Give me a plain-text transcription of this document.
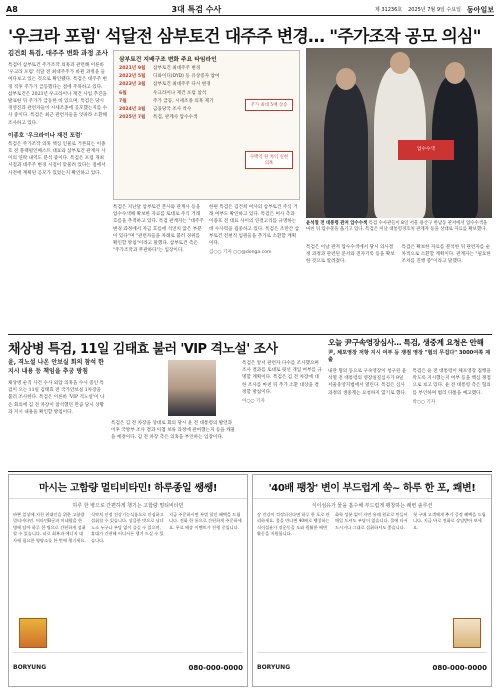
A8	3대 특검 수사	제 31236호 2025년 7월 9일 수요일 동아일보
'우크라 포럼' 석달전 삼부토건 대주주 변경… "주가조작 공모 의심"
김건희 특검, 대주주 변화 과정 조사
특검이 삼부토건 주가조작 의혹과 관련해 이른바 '우크라 포럼' 석달 전 최대주주가 바뀐 과정을 들여다보고 있는 것으로 확인됐다. 특검은 대주주 변경 직후 주가가 급등했다는 점에 주목하고 있다. 삼부토건은 2023년 우크라이나 재건 사업 추진을 발표한 뒤 주가가 급등한 바 있으며, 특검은 당시 경영진과 관련자들이 시세조종에 공모했는지를 수사 중이다. 특검은 최근 관련자들을 잇따라 소환해 조사하고 있다.
이종호 '우크라이나 재건 포럼'
특검은 주가조작 의혹 핵심 인물로 거론되는 이종호 전 블랙펄인베스트 대표와 삼부토건 관계자 사이의 연락 내역도 분석 중이다. 특검은 포럼 개최 시점과 대주주 변경 시점이 맞물려 있다는 점에서 사전에 계획된 공모가 있었는지 확인하고 있다.
삼부토건 지배구조 변화 주요 타임라인
2021년 9월	삼부토건 최대주주 변경
2022년 5월	디와이디(DYD) 등 유상증자 참여
2023년 3월	삼부토건 최대주주 다시 변경
6월	우크라이나 재건 포럼 참석
7월	주가 급등, 시세조종 의혹 제기
2024년 3월	금융당국 조사 착수
2025년 7월	특검, 관계사 압수수색
주가 최대 5배 상승
수백억 원 차익 실현 의혹
특검은 지난달 삼부토건 본사와 관계사 등을 압수수색해 확보한 자료를 토대로 주식 거래 흐름을 추적하고 있다. 특검 관계자는 "대주주 변경 과정에서 자금 흐름에 석연치 않은 부분이 있다"며 "관련자들을 차례로 불러 경위를 확인할 방침"이라고 말했다. 삼부토건 측은 "주가조작과 무관하다"는 입장이다.
한편 특검은 김건희 여사의 삼부토건 주식 거래 여부도 확인하고 있다. 특검은 여사 측과 이종호 전 대표 사이의 연결고리를 규명하는 데 수사력을 집중하고 있다. 특검은 조만간 삼부토건 전현직 임원들을 추가로 소환할 계획이다.
김○○ 기자 ○○@donga.com
압수수색
윤석열 전 대통령 관저 압수수색 특검 수사관들이 8일 서울 용산구 한남동 관저에서 압수수색을 마친 뒤 압수물을 옮기고 있다. 특검은 이날 대통령경호처 관계자 등을 상대로 자료를 확보했다.
특검은 이날 관저 압수수색에서 당시 의사결정 과정과 관련된 문서와 전자기록 등을 확보한 것으로 알려졌다.
특검은 확보한 자료를 분석한 뒤 관련자를 순차적으로 소환할 계획이다. 관계자는 "필요한 조치를 진행 중"이라고 말했다.
채상병 특검, 11일 김태효 불러 'VIP 격노설' 조사
윤, 격노설 나온 안보실 회의 참석 한 지시 내용 등 책임을 추궁 방침
채상병 순직 사건 수사 외압 의혹을 수사 중인 특검이 오는 11일 김태효 전 국가안보실 1차장을 불러 조사한다. 특검은 이른바 'VIP 격노설'이 나온 회의에 김 전 차장이 참석했던 만큼 당시 상황과 지시 내용을 확인할 방침이다.
특검은 김 전 차장을 상대로 회의 당시 윤 전 대통령의 발언과 이후 국방부 조사 결과 이첩 보류 과정에 관여했는지 등을 캐물을 예정이다. 김 전 차장 측은 의혹을 부인하는 입장이다.
특검은 앞서 관련자 다수를 조사했으며 조사 결과를 토대로 윗선 개입 여부를 규명할 계획이다. 특검은 김 전 차장에 대한 조사를 마친 뒤 추가 소환 대상을 결정할 방침이다.
이○○ 기자
오늘 尹구속영장심사… 특검, 생중계 요청은 안해
尹, 체포영장 저항 지시 여부 등 쟁점 영장 "혐의 무겁다" 3000여쪽 제출
내란 혐의 등으로 구속영장이 청구된 윤석열 전 대통령의 영장실질심사가 9일 서울중앙지법에서 열린다. 특검은 심사 과정의 생중계는 요청하지 않기로 했다.
특검은 윤 전 대통령이 체포영장 집행을 막도록 지시했는지 여부 등을 핵심 쟁점으로 보고 있다. 윤 전 대통령 측은 혐의를 부인하며 법리 다툼을 예고했다.
박○○ 기자
마시는 고함량 멀티비타민! 하루종일 쌩쌩!
하루 한 병으로 간편하게 챙기는 고함량 멀티비타민
바쁜 일상에 지친 현대인을 위한 고함량 멀티비타민. 비타민B군과 미네랄을 한 병에 담아 하루 한 병으로 간편하게 섭취할 수 있습니다. 피로 회복과 에너지 대사에 필요한 영양소를 한 번에 챙기세요.
식약처 인정 건강기능식품으로 안심하고 섭취할 수 있습니다. 상큼한 맛으로 남녀노소 누구나 부담 없이 즐길 수 있으며, 휴대가 간편해 어디서든 챙겨 드실 수 있습니다.
지금 주문하시면 특별 할인 혜택을 드립니다. 전화 한 통으로 간편하게 주문하세요. 무료 배송 이벤트가 진행 중입니다.
BORYUNG	080-000-0000
'40배 팽창' 변이 부드럽게 쑥~ 하루 한 포, 쾌변!
식이섬유가 물을 흡수해 부드럽게 팽창하는 쾌변 솔루션
장 건강이 걱정되신다면 하루 한 포로 관리하세요. 물을 만나면 40배로 팽창하는 식이섬유가 장운동을 도와 원활한 배변 활동을 지원합니다.
화학 성분 없이 자연 유래 원료로 만들어 매일 드셔도 부담이 없습니다. 물에 타서 드시거나 그대로 섭취하셔도 좋습니다.
첫 구매 고객에게 추가 증정 혜택을 드립니다. 지금 바로 전화로 상담받아 보세요.
BORYUNG	080-000-0000
